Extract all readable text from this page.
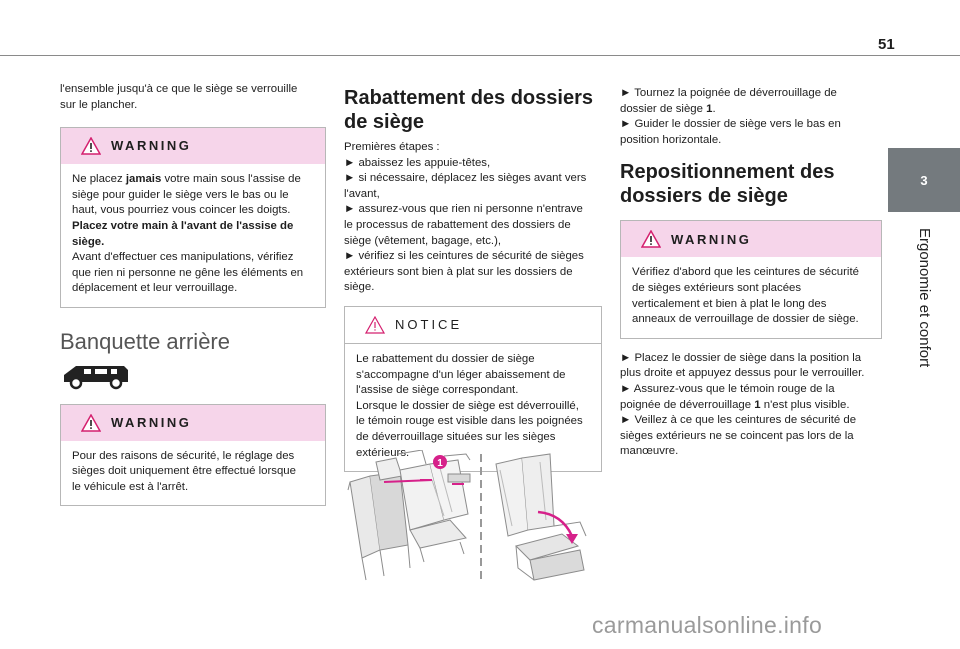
51
3
Ergonomie et confort

l'ensemble jusqu'à ce que le siège se verrouille

sur le plancher.

WARNING

Ne placez jamais votre main sous l'assise de

siège pour guider le siège vers le bas ou le

haut, vous pourriez vous coincer les doigts.

Placez votre main à l'avant de l'assise de

siège.

Avant d'effectuer ces manipulations, vérifiez

que rien ni personne ne gêne les éléments en

déplacement et leur verrouillage.

Banquette arrière
WARNING

Pour des raisons de sécurité, le réglage des

sièges doit uniquement être effectué lorsque

le véhicule est à l'arrêt.

Rabattement des dossiers
de siège

Premières étapes :

► abaissez les appuie-têtes,

► si nécessaire, déplacez les sièges avant vers

l'avant,

► assurez-vous que rien ni personne n'entrave

le processus de rabattement des dossiers de

siège (vêtement, bagage, etc.),

► vérifiez si les ceintures de sécurité de sièges

extérieurs sont bien à plat sur les dossiers de

siège.

NOTICE

Le rabattement du dossier de siège

s'accompagne d'un léger abaissement de

l'assise de siège correspondant.

Lorsque le dossier de siège est déverrouillé,

le témoin rouge est visible dans les poignées

de déverrouillage situées sur les sièges

extérieurs.

1

► Tournez la poignée de déverrouillage de

dossier de siège 1.

► Guider le dossier de siège vers le bas en

position horizontale.

Repositionnement des
dossiers de siège
WARNING

Vérifiez d'abord que les ceintures de sécurité

de sièges extérieurs sont placées

verticalement et bien à plat le long des

anneaux de verrouillage de dossier de siège.

► Placez le dossier de siège dans la position la

plus droite et appuyez dessus pour le verrouiller.

► Assurez-vous que le témoin rouge de la

poignée de déverrouillage 1 n'est plus visible.

► Veillez à ce que les ceintures de sécurité de

sièges extérieurs ne se coincent pas lors de la

manœuvre.

carmanualsonline.info
